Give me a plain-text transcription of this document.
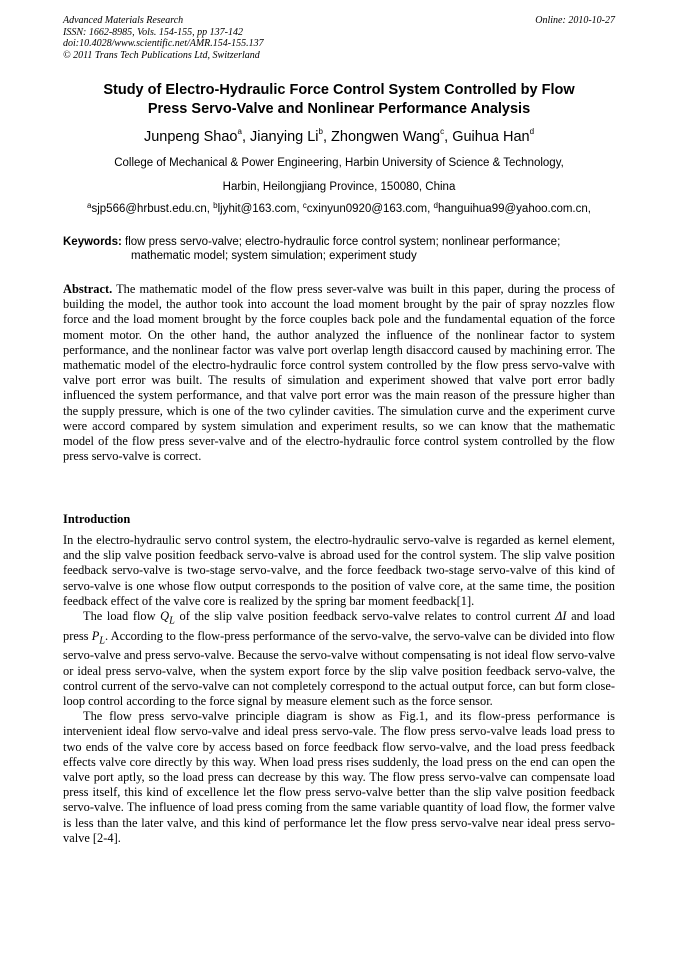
Advanced Materials Research
ISSN: 1662-8985, Vols. 154-155, pp 137-142
doi:10.4028/www.scientific.net/AMR.154-155.137
© 2011 Trans Tech Publications Ltd, Switzerland
Online: 2010-10-27
Study of Electro-Hydraulic Force Control System Controlled by Flow
Press Servo-Valve and Nonlinear Performance Analysis
Junpeng Shao$^a$, Jianying Li$^b$, Zhongwen Wang$^c$, Guihua Han$^d$
College of Mechanical & Power Engineering, Harbin University of Science & Technology,
Harbin, Heilongjiang Province, 150080, China
$^a$sjp566@hrbust.edu.cn, $^b$ljyhit@163.com, $^c$cxinyun0920@163.com, $^d$hanguihua99@yahoo.com.cn,
Keywords: flow press servo-valve; electro-hydraulic force control system; nonlinear performance;
mathematic model; system simulation; experiment study
Abstract. The mathematic model of the flow press sever-valve was built in this paper, during the process of building the model, the author took into account the load moment brought by the pair of spray nozzles flow force and the load moment brought by the force couples back pole and the fundamental equation of the force moment motor. On the other hand, the author analyzed the influence of the nonlinear factor to system performance, and the nonlinear factor was valve port overlap length disaccord caused by machining error. The mathematic model of the electro-hydraulic force control system controlled by the flow press servo-valve with valve port error was built. The results of simulation and experiment showed that valve port error badly influenced the system performance, and that valve port error was the main reason of the pressure higher than the supply pressure, which is one of the two cylinder cavities. The simulation curve and the experiment curve were accord compared by system simulation and experiment results, so we can know that the mathematic model of the flow press sever-valve and of the electro-hydraulic force control system controlled by the flow press servo-valve is correct.
Introduction

In the electro-hydraulic servo control system, the electro-hydraulic servo-valve is regarded as kernel element, and the slip valve position feedback servo-valve is abroad used for the control system. The slip valve position feedback servo-valve is two-stage servo-valve, and the force feedback two-stage servo-valve of this kind of servo-valve is one whose flow output corresponds to the position of valve core, at the same time, the position feedback effect of the valve core is realized by the spring bar moment feedback[1].

The load flow $Q_L$ of the slip valve position feedback servo-valve relates to control current ΔI and load press $P_L$. According to the flow-press performance of the servo-valve, the servo-valve can be divided into flow servo-valve and press servo-valve. Because the servo-valve without compensating is not ideal flow servo-valve or ideal press servo-valve, when the system export force by the slip valve position feedback servo-valve, the control current of the servo-valve can not completely correspond to the actual output force, can but form close-loop control according to the force signal by measure element such as the force sensor.

The flow press servo-valve principle diagram is show as Fig.1, and its flow-press performance is intervenient ideal flow servo-valve and ideal press servo-vale. The flow press servo-valve leads load press to two ends of the valve core by access based on force feedback flow servo-valve, and the load press feedback effects valve core directly by this way. When load press rises suddenly, the load press on the end can open the valve port aptly, so the load press can decrease by this way. The flow press servo-valve can compensate load press itself, this kind of excellence let the flow press servo-valve better than the slip valve position feedback servo-valve. The influence of load press coming from the same variable quantity of load flow, the former valve is less than the later valve, and this kind of performance let the flow press servo-valve near ideal press servo-valve [2-4].
